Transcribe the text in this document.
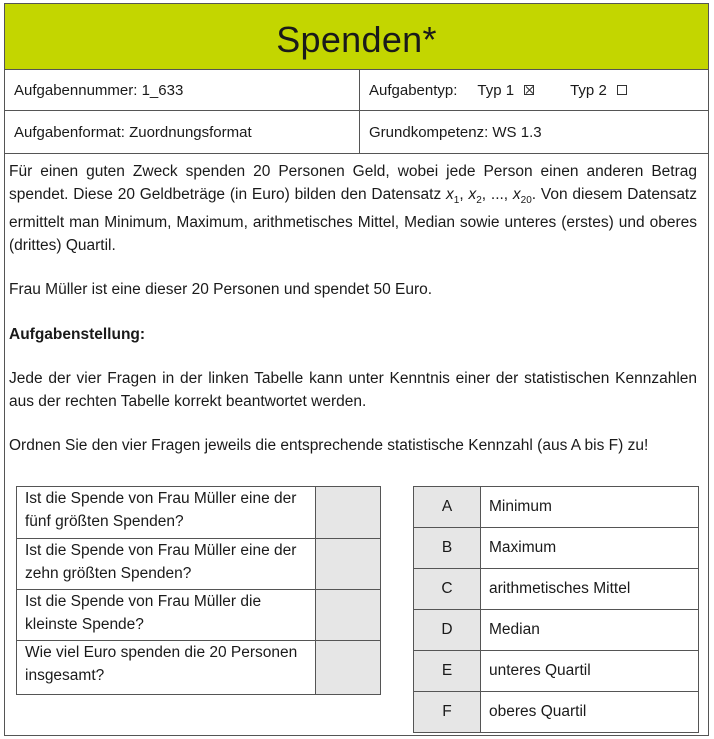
Spenden*
Aufgabennummer: 1_633	Aufgabentyp: Typ 1	Typ 2
Aufgabenformat: Zuordnungsformat	Grundkompetenz: WS 1.3

Für einen guten Zweck spenden 20 Personen Geld, wobei jede Person einen anderen Betrag spendet. Diese 20 Geldbeträge (in Euro) bilden den Datensatz $x_1$, $x_2$, ..., $x_{20}$. Von diesem Datensatz ermittelt man Minimum, Maximum, arithmetisches Mittel, Median sowie unteres (erstes) und oberes (drittes) Quartil.

Frau Müller ist eine dieser 20 Personen und spendet 50 Euro.

Aufgabenstellung:

Jede der vier Fragen in der linken Tabelle kann unter Kenntnis einer der statistischen Kennzahlen aus der rechten Tabelle korrekt beantwortet werden.

Ordnen Sie den vier Fragen jeweils die entsprechende statistische Kennzahl (aus A bis F) zu!

Ist die Spende von Frau Müller eine der fünf größten Spenden?	
Ist die Spende von Frau Müller eine der zehn größten Spenden?	
Ist die Spende von Frau Müller die kleinste Spende?	
Wie viel Euro spenden die 20 Personen insgesamt?	
A	Minimum
B	Maximum
C	arithmetisches Mittel
D	Median
E	unteres Quartil
F	oberes Quartil
